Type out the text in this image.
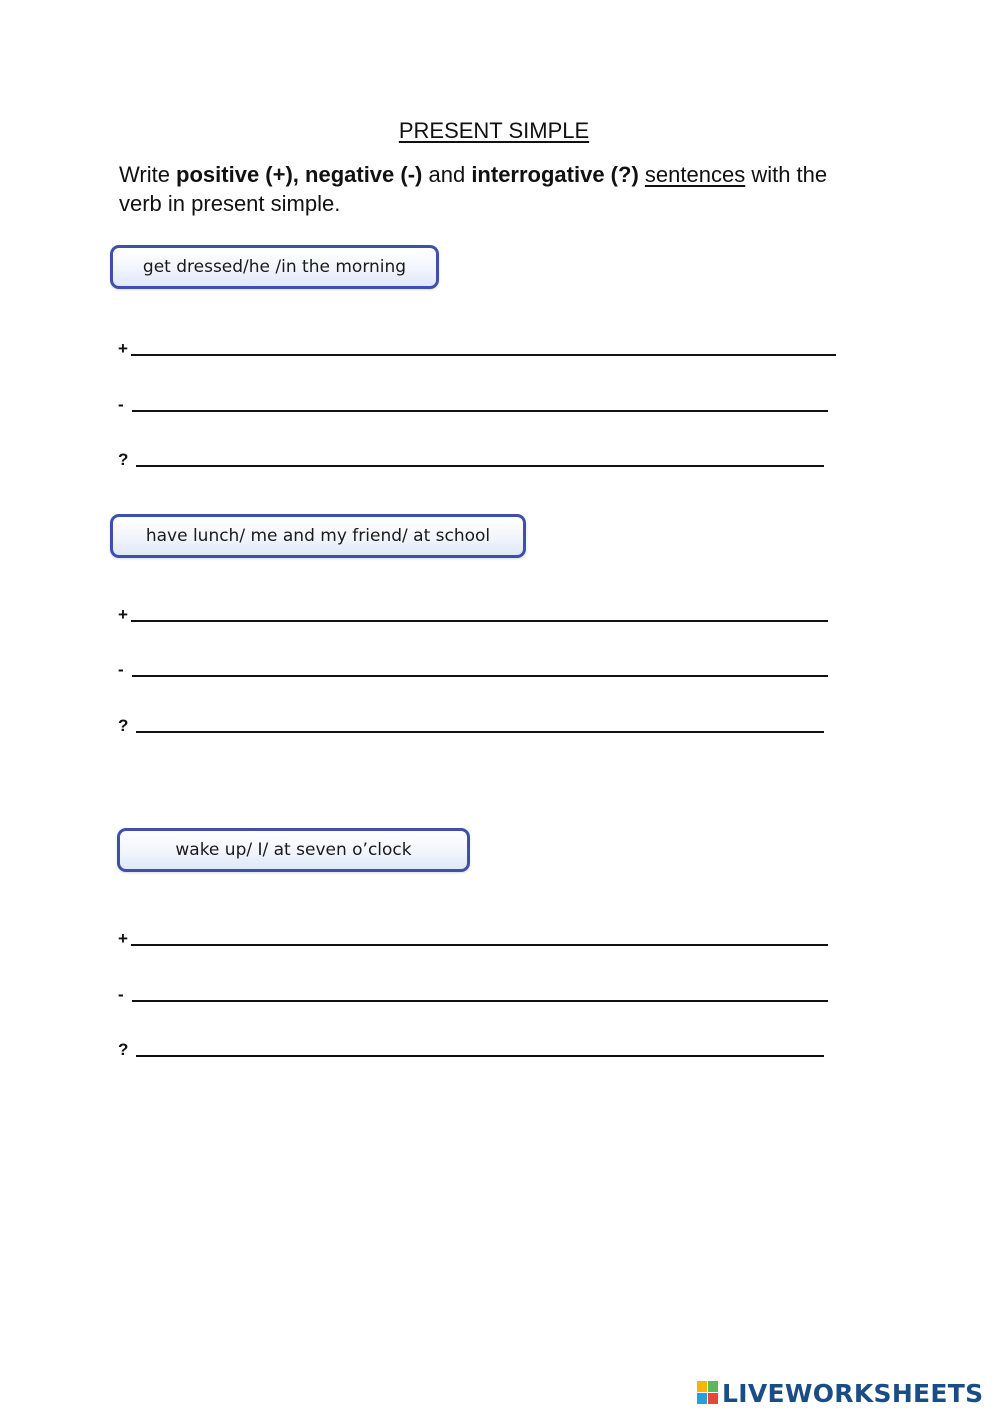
PRESENT SIMPLE
Write positive (+), negative (-) and interrogative (?) sentences with the verb in present simple.
get dressed/he /in the morning
+
-
?
have lunch/ me and my friend/ at school
+
-
?
wake up/ I/ at seven o’clock
+
-
?
LIVEWORKSHEETS
